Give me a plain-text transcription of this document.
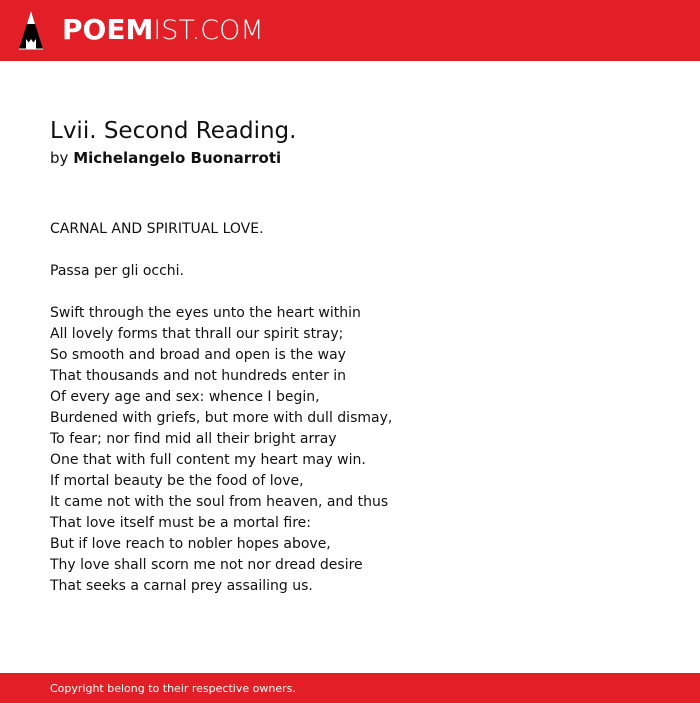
POEMIST.COM
Lvii. Second Reading.
by Michelangelo Buonarroti
CARNAL AND SPIRITUAL LOVE.
Passa per gli occhi.
Swift through the eyes unto the heart within
All lovely forms that thrall our spirit stray;
So smooth and broad and open is the way
That thousands and not hundreds enter in
Of every age and sex: whence I begin,
Burdened with griefs, but more with dull dismay,
To fear; nor find mid all their bright array
One that with full content my heart may win.
If mortal beauty be the food of love,
It came not with the soul from heaven, and thus
That love itself must be a mortal fire:
But if love reach to nobler hopes above,
Thy love shall scorn me not nor dread desire
That seeks a carnal prey assailing us.
Copyright belong to their respective owners.
